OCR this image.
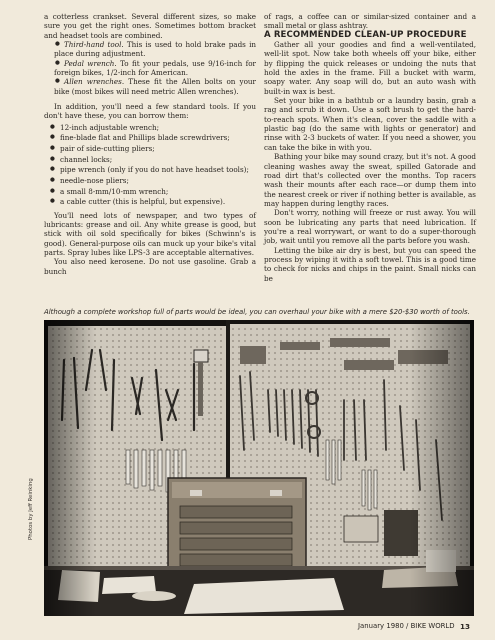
a cotterless crankset. Several different sizes, so make sure you get the right ones. Sometimes bottom bracket and headset tools are combined.

● Third-hand tool. This is used to hold brake pads in place during adjustment.

● Pedal wrench. To fit your pedals, use 9/16-inch for foreign bikes, 1/2-inch for American.

● Allen wrenches. These fit the Allen bolts on your bike (most bikes will need metric Allen wrenches).

In addition, you'll need a few standard tools. If you don't have these, you can borrow them:

● 12-inch adjustable wrench;
● fine-blade flat and Phillips blade screwdrivers;
● pair of side-cutting pliers;
● channel locks;
● pipe wrench (only if you do not have headset tools);
● needle-nose pliers;
● a small 8-mm/10-mm wrench;
● a cable cutter (this is helpful, but expensive).

You'll need lots of newspaper, and two types of lubricants: grease and oil. Any white grease is good, but stick with oil sold specifically for bikes (Schwinn's is good). General-purpose oils can muck up your bike's vital parts. Spray lubes like LPS-3 are acceptable alternatives.

You also need kerosene. Do not use gasoline. Grab a bunch

of rags, a coffee can or similar-sized container and a small metal or glass ashtray.

A RECOMMENDED CLEAN-UP PROCEDURE

Gather all your goodies and find a well-ventilated, well-lit spot. Now take both wheels off your bike, either by flipping the quick releases or undoing the nuts that hold the axles in the frame. Fill a bucket with warm, soapy water. Any soap will do, but an auto wash with built-in wax is best.

Set your bike in a bathtub or a laundry basin, grab a rag and scrub it down. Use a soft brush to get the hard-to-reach spots. When it's clean, cover the saddle with a plastic bag (do the same with lights or generator) and rinse with 2-3 buckets of water. If you need a shower, you can take the bike in with you.

Bathing your bike may sound crazy, but it's not. A good cleaning washes away the sweat, spilled Gatorade and road dirt that's collected over the months. Top racers wash their mounts after each race—or dump them into the nearest creek or river if nothing better is available, as may happen during lengthy races.

Don't worry, nothing will freeze or rust away. You will soon be lubricating any parts that need lubrication. If you're a real worrywart, or want to do a super-thorough job, wait until you remove all the parts before you wash.

Letting the bike air dry is best, but you can speed the process by wiping it with a soft towel. This is a good time to check for nicks and chips in the paint. Small nicks can be

Although a complete workshop full of parts would be ideal, you can overhaul your bike with a mere $20-$30 worth of tools.
Photos by Jeff Reinking
January 1980 / BIKE WORLD 13
